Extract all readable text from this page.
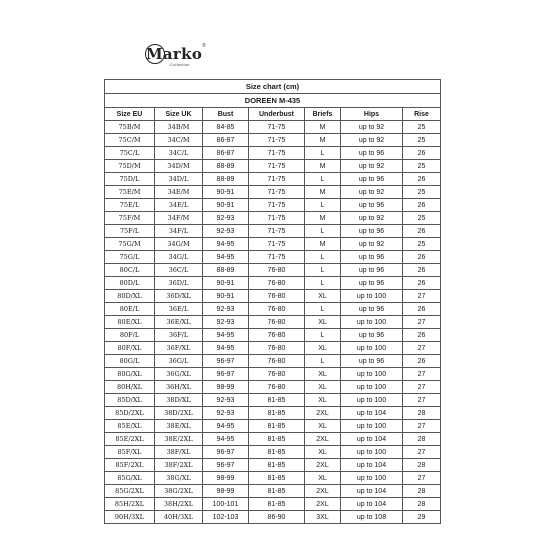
Marko ®
Collection
Size chart (cm)						
DOREEN M-435						
Size EU	Size UK	Bust	Underbust	Briefs	Hips	Rise
75B/M	34B/M	84-85	71-75	M	up to 92	25
75C/M	34C/M	86-87	71-75	M	up to 92	25
75C/L	34C/L	86-87	71-75	L	up to 96	26
75D/M	34D/M	88-89	71-75	M	up to 92	25
75D/L	34D/L	88-89	71-75	L	up to 96	26
75E/M	34E/M	90-91	71-75	M	up to 92	25
75E/L	34E/L	90-91	71-75	L	up to 96	26
75F/M	34F/M	92-93	71-75	M	up to 92	25
75F/L	34F/L	92-93	71-75	L	up to 96	26
75G/M	34G/M	94-95	71-75	M	up to 92	25
75G/L	34G/L	94-95	71-75	L	up to 96	26
80C/L	36C/L	88-89	76-80	L	up to 96	26
80D/L	36D/L	90-91	76-80	L	up to 96	26
80D/XL	36D/XL	90-91	76-80	XL	up to 100	27
80E/L	36E/L	92-93	76-80	L	up to 96	26
80E/XL	36E/XL	92-93	76-80	XL	up to 100	27
80F/L	36F/L	94-95	76-80	L	up to 96	26
80F/XL	36F/XL	94-95	76-80	XL	up to 100	27
80G/L	36G/L	96-97	76-80	L	up to 96	26
80G/XL	36G/XL	96-97	76-80	XL	up to 100	27
80H/XL	36H/XL	98-99	76-80	XL	up to 100	27
85D/XL	38D/XL	92-93	81-85	XL	up to 100	27
85D/2XL	38D/2XL	92-93	81-85	2XL	up to 104	28
85E/XL	38E/XL	94-95	81-85	XL	up to 100	27
85E/2XL	38E/2XL	94-95	81-85	2XL	up to 104	28
85F/XL	38F/XL	96-97	81-85	XL	up to 100	27
85F/2XL	38F/2XL	96-97	81-85	2XL	up to 104	28
85G/XL	38G/XL	98-99	81-85	XL	up to 100	27
85G/2XL	38G/2XL	98-99	81-85	2XL	up to 104	28
85H/2XL	38H/2XL	100-101	81-85	2XL	up to 104	28
90H/3XL	40H/3XL	102-103	86-90	3XL	up to 108	29
